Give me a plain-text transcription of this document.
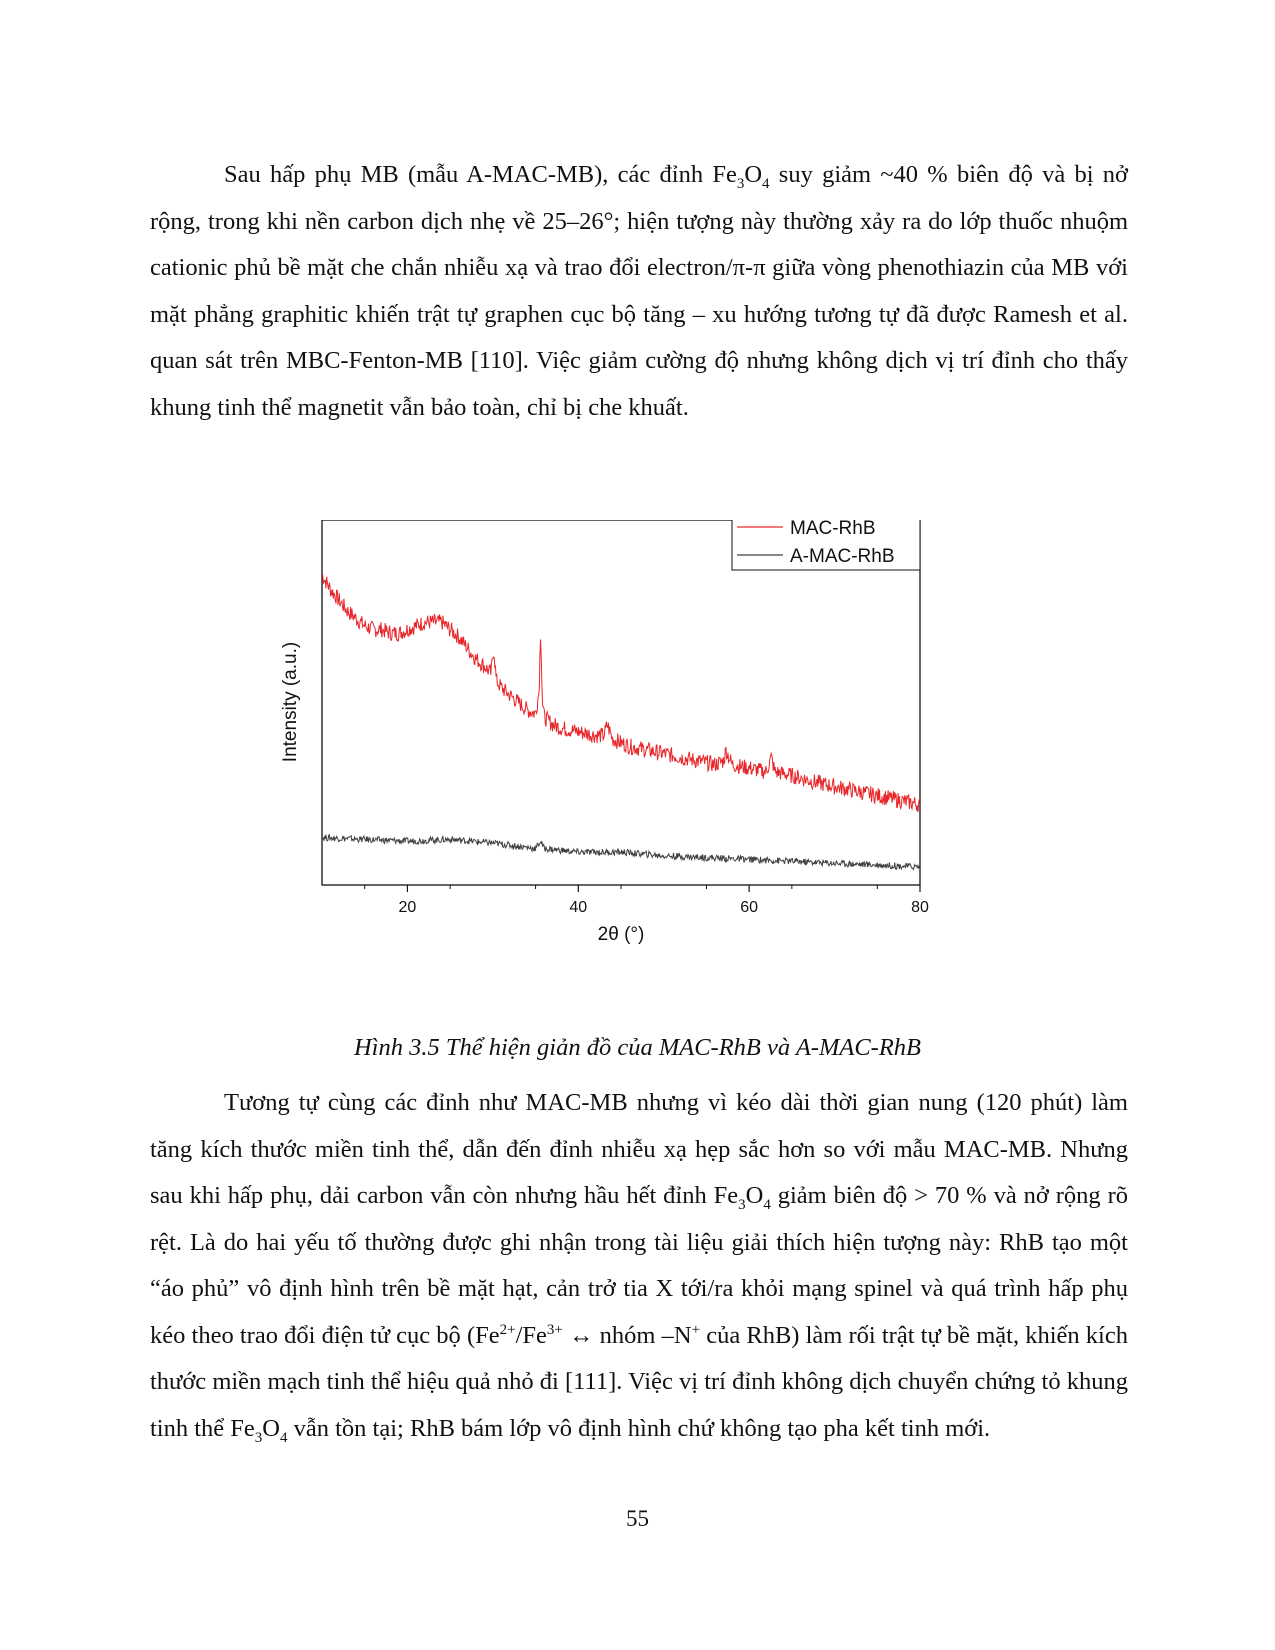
Sau hấp phụ MB (mẫu A-MAC-MB), các đỉnh $Fe_3O_4$ suy giảm ~40 % biên độ và bị nở rộng, trong khi nền carbon dịch nhẹ về 25–26°; hiện tượng này thường xảy ra do lớp thuốc nhuộm cationic phủ bề mặt che chắn nhiễu xạ và trao đổi electron/π-π giữa vòng phenothiazin của MB với mặt phẳng graphitic khiến trật tự graphen cục bộ tăng – xu hướng tương tự đã được Ramesh et al. quan sát trên MBC-Fenton-MB [110]. Việc giảm cường độ nhưng không dịch vị trí đỉnh cho thấy khung tinh thể magnetit vẫn bảo toàn, chỉ bị che khuất.

20	40	60	80
2θ (°)
Intensity (a.u.)
MAC-RhB
A-MAC-RhB

Hình 3.5 Thể hiện giản đồ của MAC-RhB và A-MAC-RhB

Tương tự cùng các đỉnh như MAC-MB nhưng vì kéo dài thời gian nung (120 phút) làm tăng kích thước miền tinh thể, dẫn đến đỉnh nhiễu xạ hẹp sắc hơn so với mẫu MAC-MB. Nhưng sau khi hấp phụ, dải carbon vẫn còn nhưng hầu hết đỉnh $Fe_3O_4$ giảm biên độ > 70 % và nở rộng rõ rệt. Là do hai yếu tố thường được ghi nhận trong tài liệu giải thích hiện tượng này: RhB tạo một “áo phủ” vô định hình trên bề mặt hạt, cản trở tia X tới/ra khỏi mạng spinel và quá trình hấp phụ kéo theo trao đổi điện tử cục bộ ($Fe^{2+}/Fe^{3+}$ ↔ nhóm –N+ của RhB) làm rối trật tự bề mặt, khiến kích thước miền mạch tinh thể hiệu quả nhỏ đi [111]. Việc vị trí đỉnh không dịch chuyển chứng tỏ khung tinh thể $Fe_3O_4$ vẫn tồn tại; RhB bám lớp vô định hình chứ không tạo pha kết tinh mới.

55
